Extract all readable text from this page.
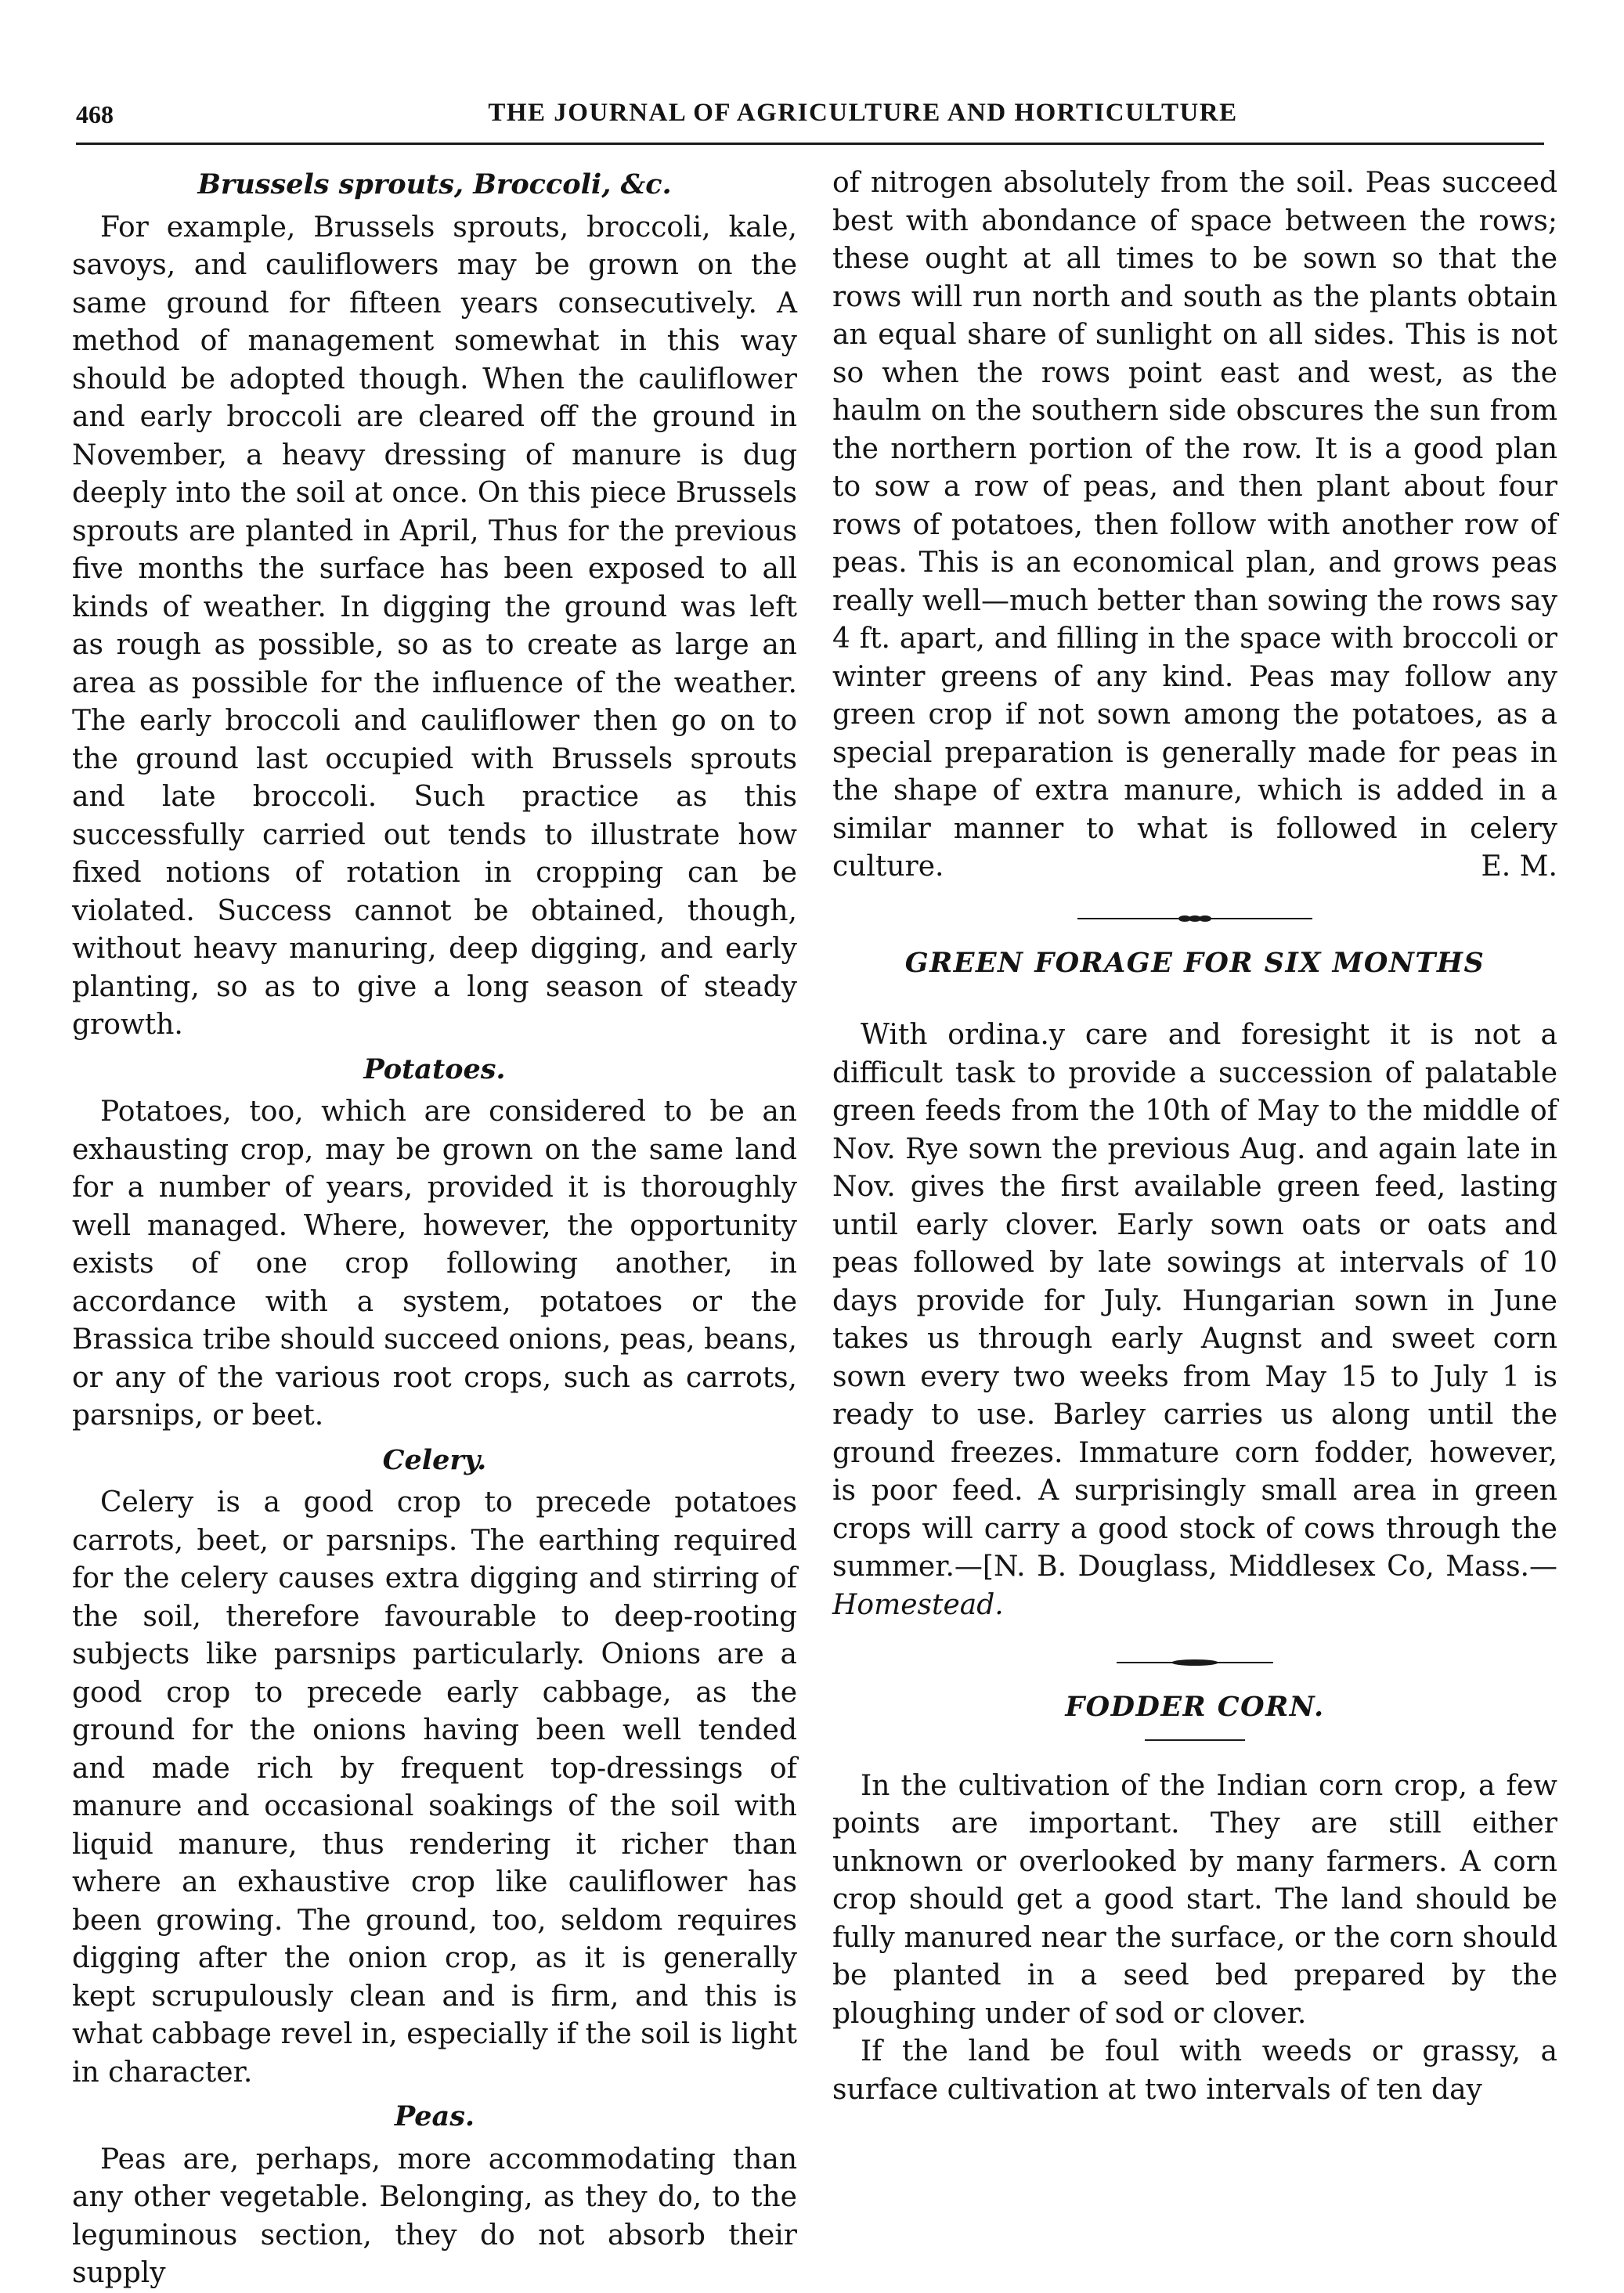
468	THE JOURNAL OF AGRICULTURE AND HORTICULTURE
Brussels sprouts, Broccoli, &c.

For example, Brussels sprouts, broccoli, kale, savoys, and cauliflowers may be grown on the same ground for fifteen years consecutively. A method of management somewhat in this way should be adopted though. When the cauliflower and early broccoli are cleared off the ground in November, a heavy dressing of manure is dug deeply into the soil at once. On this piece Brussels sprouts are planted in April, Thus for the previous five months the surface has been exposed to all kinds of weather. In digging the ground was left as rough as possible, so as to create as large an area as possible for the influence of the weather. The early broccoli and cauliflower then go on to the ground last occupied with Brussels sprouts and late broccoli. Such practice as this successfully carried out tends to illustrate how fixed notions of rotation in cropping can be violated. Success cannot be obtained, though, without heavy manuring, deep digging, and early planting, so as to give a long season of steady growth.

Potatoes.

Potatoes, too, which are considered to be an exhausting crop, may be grown on the same land for a number of years, provided it is thoroughly well managed. Where, however, the opportunity exists of one crop following another, in accordance with a system, potatoes or the Brassica tribe should succeed onions, peas, beans, or any of the various root crops, such as carrots, parsnips, or beet.

Celery.

Celery is a good crop to precede potatoes carrots, beet, or parsnips. The earthing required for the celery causes extra digging and stirring of the soil, therefore favourable to deep-rooting subjects like parsnips particularly. Onions are a good crop to precede early cabbage, as the ground for the onions having been well tended and made rich by frequent top-dressings of manure and occasional soakings of the soil with liquid manure, thus rendering it richer than where an exhaustive crop like cauliflower has been growing. The ground, too, seldom requires digging after the onion crop, as it is generally kept scrupulously clean and is firm, and this is what cabbage revel in, especially if the soil is light in character.

Peas.

Peas are, perhaps, more accommodating than any other vegetable. Belonging, as they do, to the leguminous section, they do not absorb their supply

of nitrogen absolutely from the soil. Peas succeed best with abondance of space between the rows; these ought at all times to be sown so that the rows will run north and south as the plants obtain an equal share of sunlight on all sides. This is not so when the rows point east and west, as the haulm on the southern side obscures the sun from the northern portion of the row. It is a good plan to sow a row of peas, and then plant about four rows of potatoes, then follow with another row of peas. This is an economical plan, and grows peas really well—much better than sowing the rows say 4 ft. apart, and filling in the space with broccoli or winter greens of any kind. Peas may follow any green crop if not sown among the potatoes, as a special preparation is generally made for peas in the shape of extra manure, which is added in a similar manner to what is followed in celery culture.	E. M.

GREEN FORAGE FOR SIX MONTHS

With ordina.y care and foresight it is not a difficult task to provide a succession of palatable green feeds from the 10th of May to the middle of Nov. Rye sown the previous Aug. and again late in Nov. gives the first available green feed, lasting until early clover. Early sown oats or oats and peas followed by late sowings at intervals of 10 days provide for July. Hungarian sown in June takes us through early Augnst and sweet corn sown every two weeks from May 15 to July 1 is ready to use. Barley carries us along until the ground freezes. Immature corn fodder, however, is poor feed. A surprisingly small area in green crops will carry a good stock of cows through the summer.—[N. B. Douglass, Middlesex Co, Mass.—Homestead.

FODDER CORN.

In the cultivation of the Indian corn crop, a few points are important. They are still either unknown or overlooked by many farmers. A corn crop should get a good start. The land should be fully manured near the surface, or the corn should be planted in a seed bed prepared by the ploughing under of sod or clover.

If the land be foul with weeds or grassy, a surface cultivation at two intervals of ten day
